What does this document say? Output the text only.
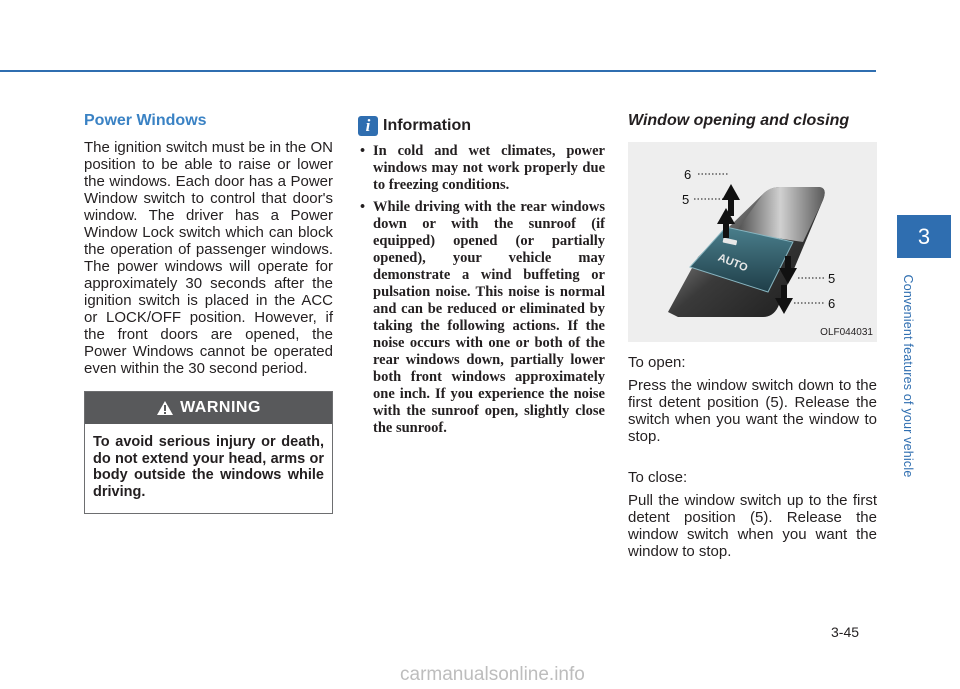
Power Windows

The ignition switch must be in the ON position to be able to raise or lower the windows. Each door has a Power Window switch to control that door's window. The driver has a Power Window Lock switch which can block the operation of passenger windows. The power windows will operate for approximately 30 seconds after the ignition switch is placed in the ACC or LOCK/OFF position. However, if the front doors are opened, the Power Windows cannot be operated even within the 30 second period.

WARNING
To avoid serious injury or death, do not extend your head, arms or body outside the windows while driving.
i Information
• In cold and wet climates, power windows may not work properly due to freezing conditions.
• While driving with the rear windows down or with the sunroof (if equipped) opened (or partially opened), your vehicle may demonstrate a wind buffeting or pulsation noise. This noise is normal and can be reduced or eliminated by taking the following actions. If the noise occurs with one or both of the rear windows down, partially lower both front windows approximately one inch. If you experience the noise with the sunroof open, slightly close the sunroof.
Window opening and closing
AUTO
6
5
5
6
OLF044031

To open:

Press the window switch down to the first detent position (5). Release the switch when you want the window to stop.

To close:

Pull the window switch up to the first detent position (5). Release the window switch when you want the window to stop.

3
Convenient features of your vehicle
3-45
carmanualsonline.info
